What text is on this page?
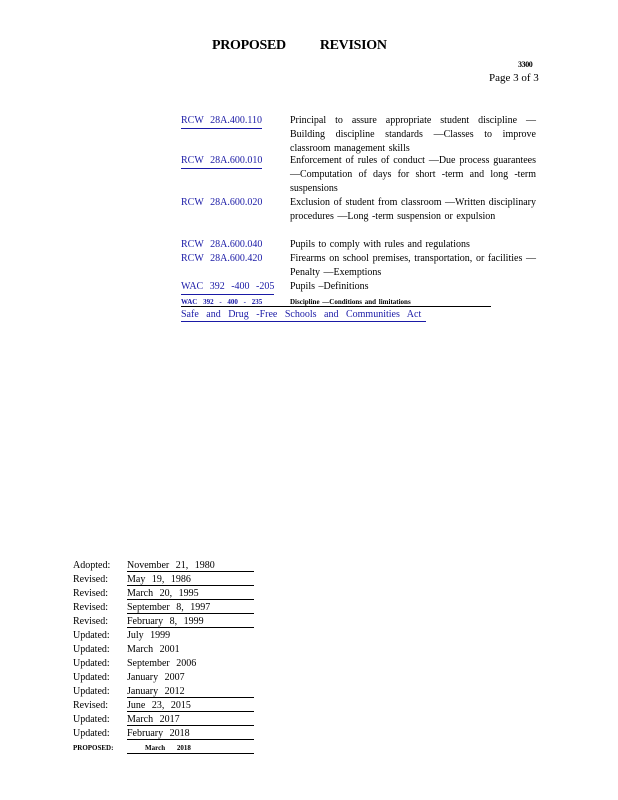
PROPOSED REVISION
3300
Page 3 of 3
RCW 28A.400.110	Principal to assure appropriate student discipline — Building discipline standards —Classes to improve classroom management skills
RCW 28A.600.010	Enforcement of rules of conduct —Due process guarantees —Computation of days for short -term and long -term suspensions
RCW 28A.600.020	Exclusion of student from classroom —Written disciplinary procedures —Long -term suspension or expulsion
RCW 28A.600.040	Pupils to comply with rules and regulations
RCW 28A.600.420	Firearms on school premises, transportation, or facilities —Penalty —Exemptions
WAC 392 -400 -205 Pupils –Definitions
WAC 392 - 400 - 235	Discipline —Conditions and limitations
Safe and Drug -Free Schools and Communities Act
Adopted: November 21, 1980
Revised: May 19, 1986
Revised: March 20, 1995
Revised: September 8, 1997
Revised: February 8, 1999
Updated: July 1999
Updated: March 2001
Updated: September 2006
Updated: January 2007
Updated: January 2012
Revised: June 23, 2015
Updated: March 2017
Updated: February 2018
PROPOSED:	March 2018
